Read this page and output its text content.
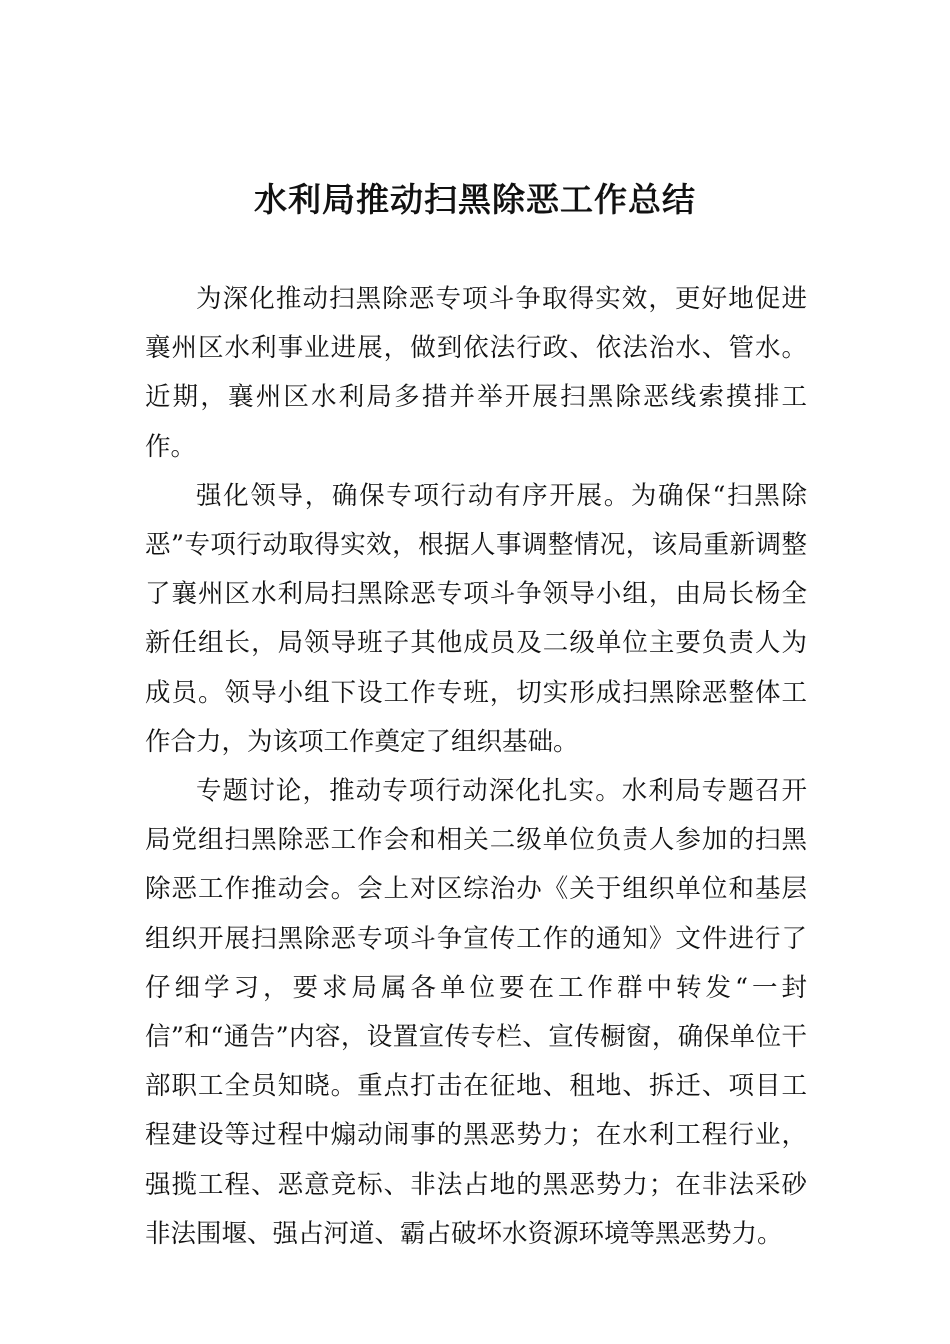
水利局推动扫黑除恶工作总结

为深化推动扫黑除恶专项斗争取得实效，更好地促进襄州区水利事业进展，做到依法行政、依法治水、管水。近期，襄州区水利局多措并举开展扫黑除恶线索摸排工作。

强化领导，确保专项行动有序开展。为确保“扫黑除恶”专项行动取得实效，根据人事调整情况，该局重新调整了襄州区水利局扫黑除恶专项斗争领导小组，由局长杨全新任组长，局领导班子其他成员及二级单位主要负责人为成员。领导小组下设工作专班，切实形成扫黑除恶整体工作合力，为该项工作奠定了组织基础。

专题讨论，推动专项行动深化扎实。水利局专题召开局党组扫黑除恶工作会和相关二级单位负责人参加的扫黑除恶工作推动会。会上对区综治办《关于组织单位和基层组织开展扫黑除恶专项斗争宣传工作的通知》文件进行了仔细学习，要求局属各单位要在工作群中转发“一封信”和“通告”内容，设置宣传专栏、宣传橱窗，确保单位干部职工全员知晓。重点打击在征地、租地、拆迁、项目工程建设等过程中煽动闹事的黑恶势力；在水利工程行业，强揽工程、恶意竞标、非法占地的黑恶势力；在非法采砂非法围堰、强占河道、霸占破坏水资源环境等黑恶势力。
